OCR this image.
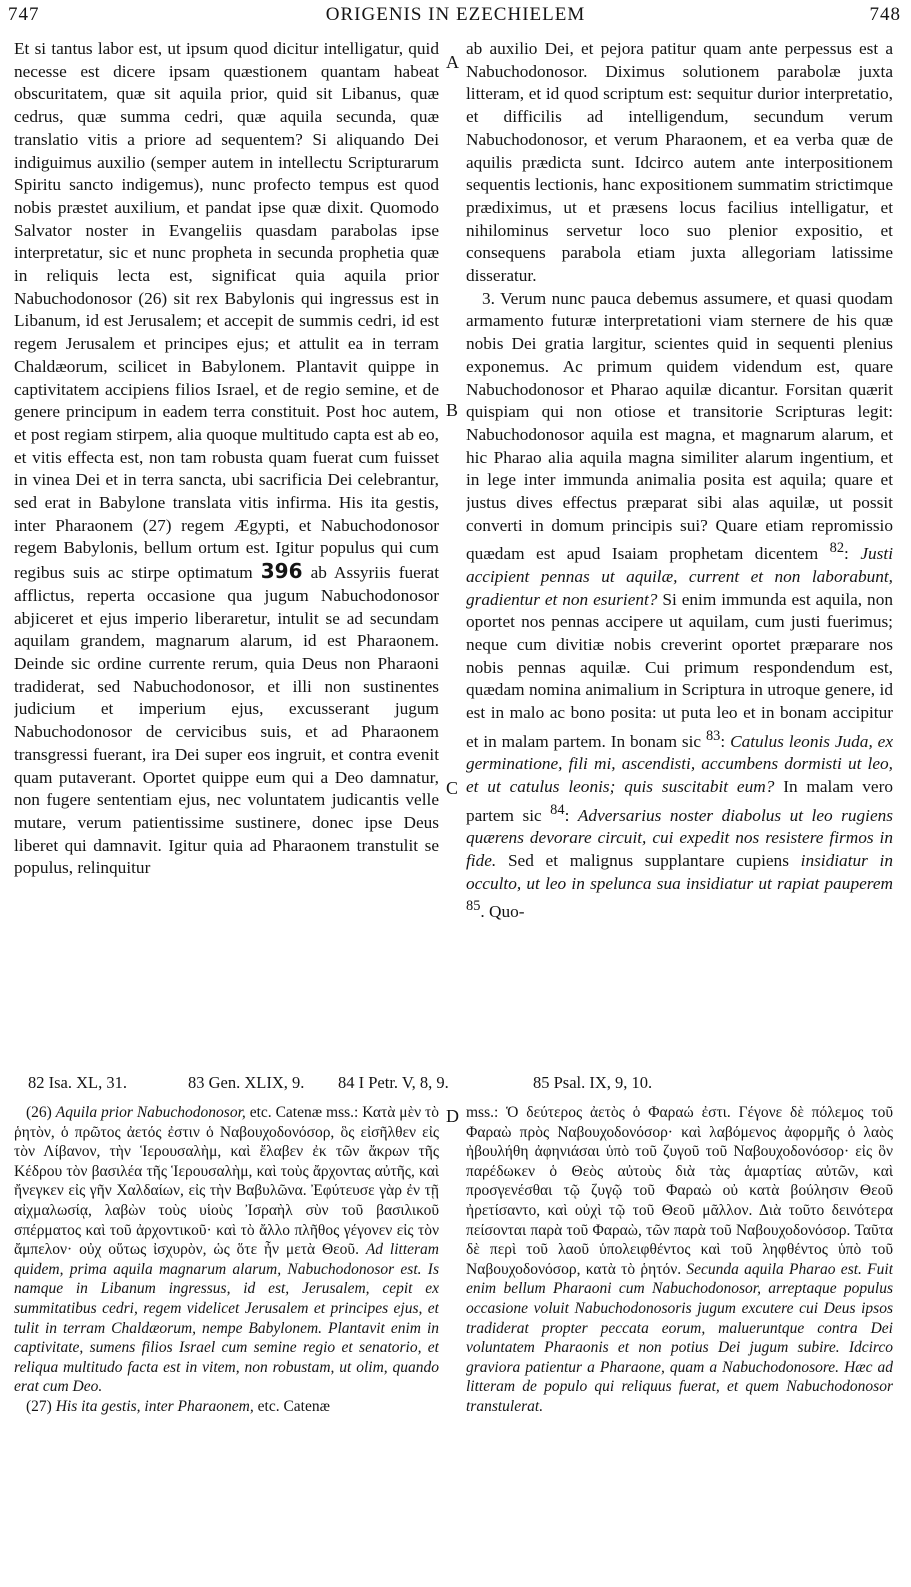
747	ORIGENIS IN EZECHIELEM	748

Et si tantus labor est, ut ipsum quod dicitur intelligatur, quid necesse est dicere ipsam quæstionem quantam habeat obscuritatem, quæ sit aquila prior, quid sit Libanus, quæ cedrus, quæ summa cedri, quæ aquila secunda, quæ translatio vitis a priore ad sequentem? Si aliquando Dei indiguimus auxilio (semper autem in intellectu Scripturarum Spiritu sancto indigemus), nunc profecto tempus est quod nobis præstet auxilium, et pandat ipse quæ dixit. Quomodo Salvator noster in Evangeliis quasdam parabolas ipse interpretatur, sic et nunc propheta in secunda prophetia quæ in reliquis lecta est, significat quia aquila prior Nabuchodonosor (26) sit rex Babylonis qui ingressus est in Libanum, id est Jerusalem; et accepit de summis cedri, id est regem Jerusalem et principes ejus; et attulit ea in terram Chaldæorum, scilicet in Babylonem. Plantavit quippe in captivitatem accipiens filios Israel, et de regio semine, et de genere principum in eadem terra constituit. Post hoc autem, et post regiam stirpem, alia quoque multitudo capta est ab eo, et vitis effecta est, non tam robusta quam fuerat cum fuisset in vinea Dei et in terra sancta, ubi sacrificia Dei celebrantur, sed erat in Babylone translata vitis infirma. His ita gestis, inter Pharaonem (27) regem Ægypti, et Nabuchodonosor regem Babylonis, bellum ortum est. Igitur populus qui cum regibus suis ac stirpe optimatum 396 ab Assyriis fuerat afflictus, reperta occasione qua jugum Nabuchodonosor abjiceret et ejus imperio liberaretur, intulit se ad secundam aquilam grandem, magnarum alarum, id est Pharaonem. Deinde sic ordine currente rerum, quia Deus non Pharaoni tradiderat, sed Nabuchodonosor, et illi non sustinentes judicium et imperium ejus, excusserant jugum Nabuchodonosor de cervicibus suis, et ad Pharaonem transgressi fuerant, ira Dei super eos ingruit, et contra evenit quam putaverant. Oportet quippe eum qui a Deo damnatur, non fugere sententiam ejus, nec voluntatem judicantis velle mutare, verum patientissime sustinere, donec ipse Deus liberet qui damnavit. Igitur quia ad Pharaonem transtulit se populus, relinquitur

A
B
C
D

ab auxilio Dei, et pejora patitur quam ante perpessus est a Nabuchodonosor. Diximus solutionem parabolæ juxta litteram, et id quod scriptum est: sequitur durior interpretatio, et difficilis ad intelligendum, secundum verum Nabuchodonosor, et verum Pharaonem, et ea verba quæ de aquilis prædicta sunt. Idcirco autem ante interpositionem sequentis lectionis, hanc expositionem summatim strictimque prædiximus, ut et præsens locus facilius intelligatur, et nihilominus servetur loco suo plenior expositio, et consequens parabola etiam juxta allegoriam latissime disseratur.

3. Verum nunc pauca debemus assumere, et quasi quodam armamento futuræ interpretationi viam sternere de his quæ nobis Dei gratia largitur, scientes quid in sequenti plenius exponemus. Ac primum quidem videndum est, quare Nabuchodonosor et Pharao aquilæ dicantur. Forsitan quærit quispiam qui non otiose et transitorie Scripturas legit: Nabuchodonosor aquila est magna, et magnarum alarum, et hic Pharao alia aquila magna similiter alarum ingentium, et in lege inter immunda animalia posita est aquila; quare et justus dives effectus præparat sibi alas aquilæ, ut possit converti in domum principis sui? Quare etiam repromissio quædam est apud Isaiam prophetam dicentem $^{82}$: Justi accipient pennas ut aquilæ, current et non laborabunt, gradientur et non esurient? Si enim immunda est aquila, non oportet nos pennas accipere ut aquilam, cum justi fuerimus; neque cum divitiæ nobis creverint oportet præparare nos nobis pennas aquilæ. Cui primum respondendum est, quædam nomina animalium in Scriptura in utroque genere, id est in malo ac bono posita: ut puta leo et in bonam accipitur et in malam partem. In bonam sic $^{83}$: Catulus leonis Juda, ex germinatione, fili mi, ascendisti, accumbens dormisti ut leo, et ut catulus leonis; quis suscitabit eum? In malam vero partem sic $^{84}$: Adversarius noster diabolus ut leo rugiens quærens devorare circuit, cui expedit nos resistere firmos in fide. Sed et malignus supplantare cupiens insidiatur in occulto, ut leo in spelunca sua insidiatur ut rapiat pauperem $^{85}$. Quo-

82 Isa. XL, 31.	83 Gen. XLIX, 9. 84 I Petr. V, 8, 9.	85 Psal. IX, 9, 10.

(26) Aquila prior Nabuchodonosor, etc. Catenæ mss.: Κατὰ μὲν τὸ ῥητὸν, ὁ πρῶτος ἀετός ἐστιν ὁ Ναβουχοδονόσορ, ὃς εἰσῆλθεν εἰς τὸν Λίβανον, τὴν Ἱερουσαλὴμ, καὶ ἔλαβεν ἐκ τῶν ἄκρων τῆς Κέδρου τὸν βασιλέα τῆς Ἱερουσαλὴμ, καὶ τοὺς ἄρχοντας αὐτῆς, καὶ ἤνεγκεν εἰς γῆν Χαλδαίων, εἰς τὴν Βαβυλῶνα. Ἐφύτευσε γὰρ ἐν τῇ αἰχμαλωσίᾳ, λαβὼν τοὺς υἱοὺς Ἰσραὴλ σὺν τοῦ βασιλικοῦ σπέρματος καὶ τοῦ ἀρχοντικοῦ· καὶ τὸ ἄλλο πλῆθος γέγονεν εἰς τὸν ἄμπελον· οὐχ οὕτως ἰσχυρὸν, ὡς ὅτε ἦν μετὰ Θεοῦ. Ad litteram quidem, prima aquila magnarum alarum, Nabuchodonosor est. Is namque in Libanum ingressus, id est, Jerusalem, cepit ex summitatibus cedri, regem videlicet Jerusalem et principes ejus, et tulit in terram Chaldæorum, nempe Babylonem. Plantavit enim in captivitate, sumens filios Israel cum semine regio et senatorio, et reliqua multitudo facta est in vitem, non robustam, ut olim, quando erat cum Deo.

(27) His ita gestis, inter Pharaonem, etc. Catenæ

mss.: Ὁ δεύτερος ἀετὸς ὁ Φαραώ ἐστι. Γέγονε δὲ πόλεμος τοῦ Φαραὼ πρὸς Ναβουχοδονόσορ· καὶ λαβόμενος ἀφορμῆς ὁ λαὸς ἠβουλήθη ἀφηνιάσαι ὑπὸ τοῦ ζυγοῦ τοῦ Ναβουχοδονόσορ· εἰς ὃν παρέδωκεν ὁ Θεὸς αὐτοὺς διὰ τὰς ἁμαρτίας αὐτῶν, καὶ προσγενέσθαι τῷ ζυγῷ τοῦ Φαραὼ οὐ κατὰ βούλησιν Θεοῦ ἠρετίσαντο, καὶ οὐχὶ τῷ τοῦ Θεοῦ μᾶλλον. Διὰ τοῦτο δεινότερα πείσονται παρὰ τοῦ Φαραὼ, τῶν παρὰ τοῦ Ναβουχοδονόσορ. Ταῦτα δὲ περὶ τοῦ λαοῦ ὑπολειφθέντος καὶ τοῦ ληφθέντος ὑπὸ τοῦ Ναβουχοδονόσορ, κατὰ τὸ ῥητόν. Secunda aquila Pharao est. Fuit enim bellum Pharaoni cum Nabuchodonosor, arreptaque populus occasione voluit Nabuchodonosoris jugum excutere cui Deus ipsos tradiderat propter peccata eorum, malueruntque contra Dei voluntatem Pharaonis et non potius Dei jugum subire. Idcirco graviora patientur a Pharaone, quam a Nabuchodonosore. Hæc ad litteram de populo qui reliquus fuerat, et quem Nabuchodonosor transtulerat.
